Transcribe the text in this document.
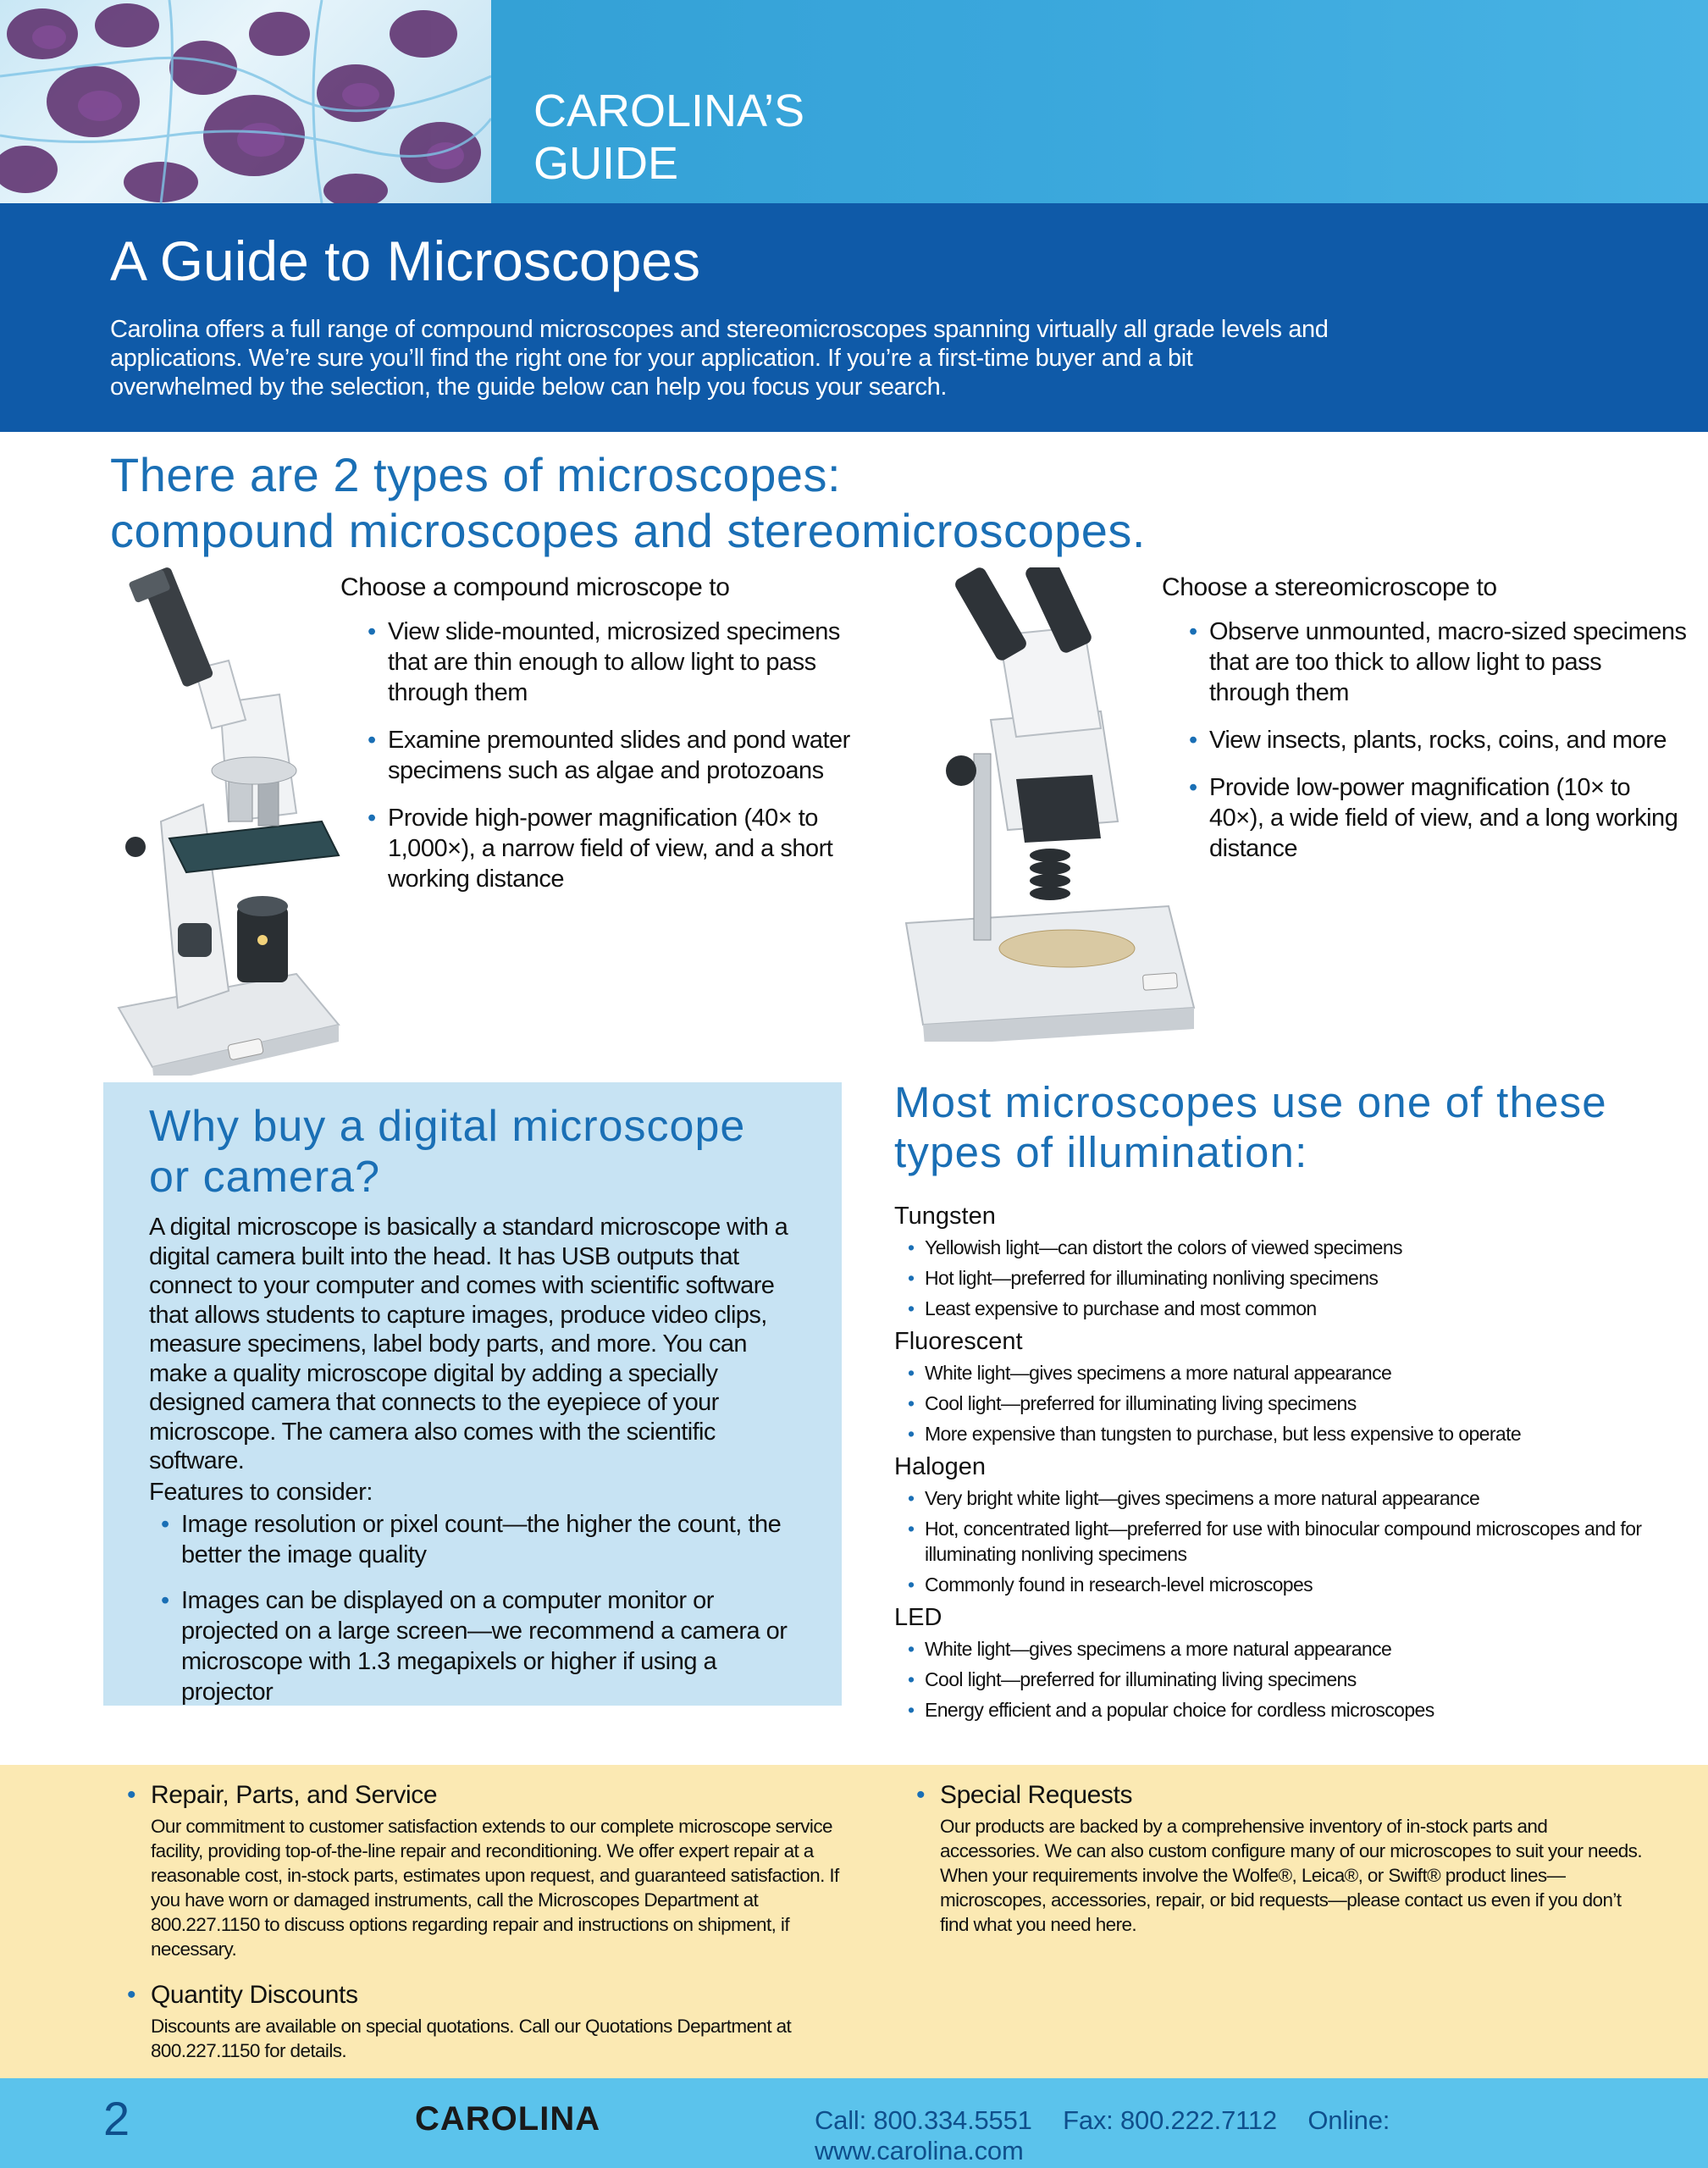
CAROLINA’S
GUIDE
A Guide to Microscopes
Carolina offers a full range of compound microscopes and stereomicroscopes spanning virtually all grade levels and applications. We’re sure you’ll find the right one for your application. If you’re a first-time buyer and a bit overwhelmed by the selection, the guide below can help you focus your search.
There are 2 types of microscopes:
compound microscopes and stereomicroscopes.
Choose a compound microscope to
• View slide-mounted, microsized specimens that are thin enough to allow light to pass through them
• Examine premounted slides and pond water specimens such as algae and protozoans
• Provide high-power magnification (40× to 1,000×), a narrow field of view, and a short working distance
Choose a stereomicroscope to
• Observe unmounted, macro-sized specimens that are too thick to allow light to pass through them
• View insects, plants, rocks, coins, and more
• Provide low-power magnification (10× to 40×), a wide field of view, and a long working distance
Why buy a digital microscope
or camera?
A digital microscope is basically a standard microscope with a digital camera built into the head. It has USB outputs that connect to your computer and comes with scientific software that allows students to capture images, produce video clips, measure specimens, label body parts, and more. You can make a quality microscope digital by adding a specially designed camera that connects to the eyepiece of your microscope. The camera also comes with the scientific software.
Features to consider:
• Image resolution or pixel count—the higher the count, the better the image quality
• Images can be displayed on a computer monitor or projected on a large screen—we recommend a camera or microscope with 1.3 megapixels or higher if using a projector
Most microscopes use one of these
types of illumination:
Tungsten
• Yellowish light—can distort the colors of viewed specimens
• Hot light—preferred for illuminating nonliving specimens
• Least expensive to purchase and most common
Fluorescent
• White light—gives specimens a more natural appearance
• Cool light—preferred for illuminating living specimens
• More expensive than tungsten to purchase, but less expensive to operate
Halogen
• Very bright white light—gives specimens a more natural appearance
• Hot, concentrated light—preferred for use with binocular compound microscopes and for illuminating nonliving specimens
• Commonly found in research-level microscopes
LED
• White light—gives specimens a more natural appearance
• Cool light—preferred for illuminating living specimens
• Energy efficient and a popular choice for cordless microscopes
• Repair, Parts, and Service
Our commitment to customer satisfaction extends to our complete microscope service facility, providing top-of-the-line repair and reconditioning. We offer expert repair at a reasonable cost, in-stock parts, estimates upon request, and guaranteed satisfaction. If you have worn or damaged instruments, call the Microscopes Department at 800.227.1150 to discuss options regarding repair and instructions on shipment, if necessary.
• Quantity Discounts
Discounts are available on special quotations. Call our Quotations Department at 800.227.1150 for details.
• Special Requests
Our products are backed by a comprehensive inventory of in-stock parts and accessories. We can also custom configure many of our microscopes to suit your needs. When your requirements involve the Wolfe®, Leica®, or Swift® product lines—microscopes, accessories, repair, or bid requests—please contact us even if you don’t find what you need here.
2	CAROLINA	Call: 800.334.5551 Fax: 800.222.7112 Online: www.carolina.com
